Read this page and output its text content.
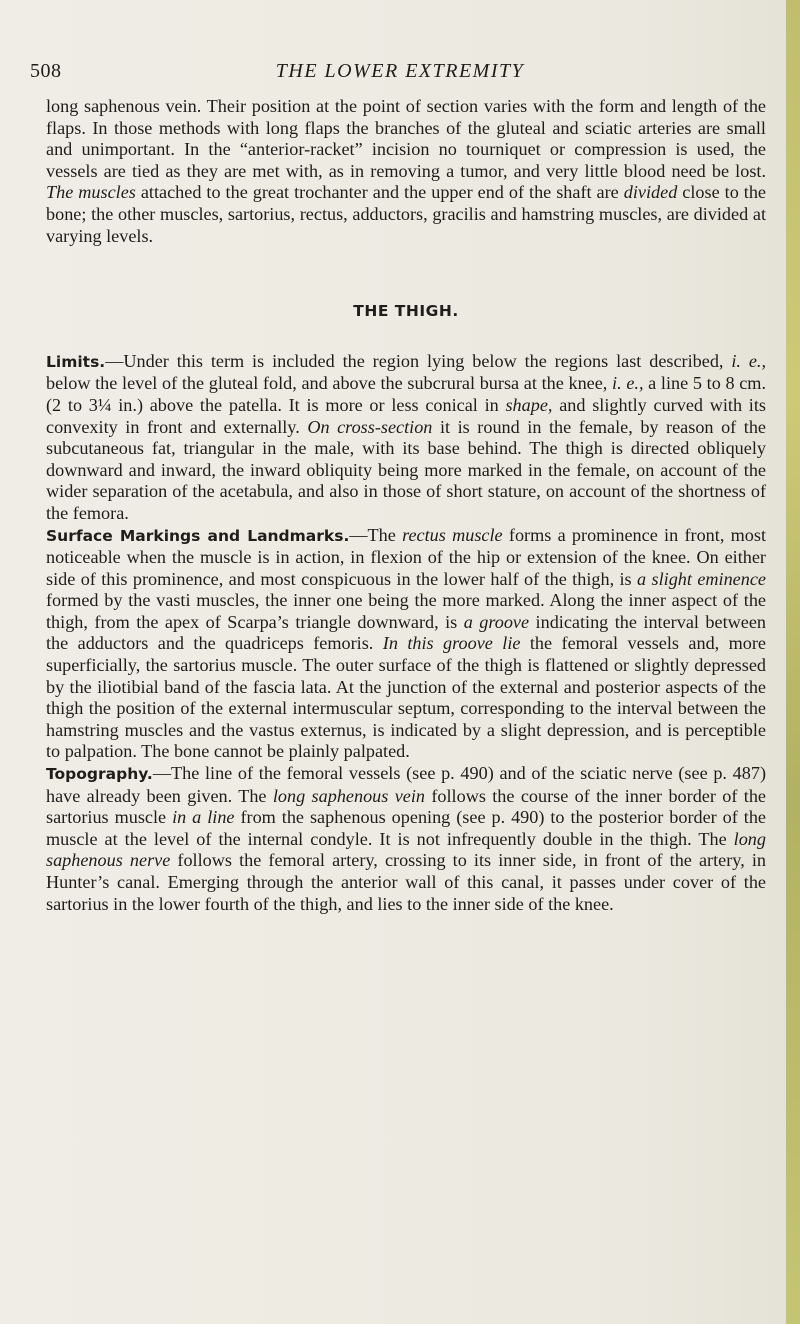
508	THE LOWER EXTREMITY

long saphenous vein. Their position at the point of section varies with the form and length of the flaps. In those methods with long flaps the branches of the gluteal and sciatic arteries are small and unimportant. In the “anterior-racket” incision no tourniquet or compression is used, the vessels are tied as they are met with, as in removing a tumor, and very little blood need be lost. The muscles attached to the great trochanter and the upper end of the shaft are divided close to the bone; the other muscles, sartorius, rectus, adductors, gracilis and hamstring muscles, are divided at varying levels.

THE THIGH.

Limits.—Under this term is included the region lying below the regions last described, i. e., below the level of the gluteal fold, and above the subcrural bursa at the knee, i. e., a line 5 to 8 cm. (2 to 3¼ in.) above the patella. It is more or less conical in shape, and slightly curved with its convexity in front and externally. On cross-section it is round in the female, by reason of the subcutaneous fat, triangular in the male, with its base behind. The thigh is directed obliquely downward and inward, the inward obliquity being more marked in the female, on account of the wider separation of the acetabula, and also in those of short stature, on account of the shortness of the femora.

Surface Markings and Landmarks.—The rectus muscle forms a prominence in front, most noticeable when the muscle is in action, in flexion of the hip or extension of the knee. On either side of this prominence, and most conspicuous in the lower half of the thigh, is a slight eminence formed by the vasti muscles, the inner one being the more marked. Along the inner aspect of the thigh, from the apex of Scarpa’s triangle downward, is a groove indicating the interval between the adductors and the quadriceps femoris. In this groove lie the femoral vessels and, more superficially, the sartorius muscle. The outer surface of the thigh is flattened or slightly depressed by the iliotibial band of the fascia lata. At the junction of the external and posterior aspects of the thigh the position of the external intermuscular septum, corresponding to the interval between the hamstring muscles and the vastus externus, is indicated by a slight depression, and is perceptible to palpation. The bone cannot be plainly palpated.

Topography.—The line of the femoral vessels (see p. 490) and of the sciatic nerve (see p. 487) have already been given. The long saphenous vein follows the course of the inner border of the sartorius muscle in a line from the saphenous opening (see p. 490) to the posterior border of the muscle at the level of the internal condyle. It is not infrequently double in the thigh. The long saphenous nerve follows the femoral artery, crossing to its inner side, in front of the artery, in Hunter’s canal. Emerging through the anterior wall of this canal, it passes under cover of the sartorius in the lower fourth of the thigh, and lies to the inner side of the knee.
